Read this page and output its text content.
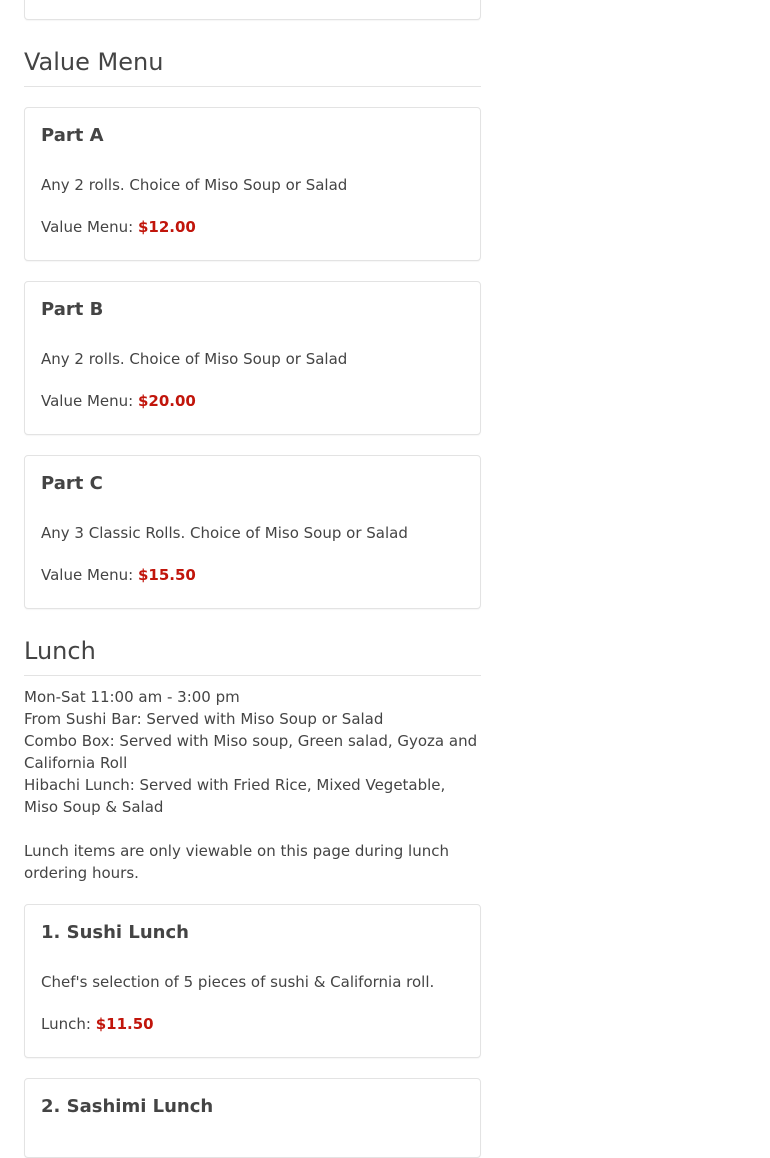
Value Menu

Part A

Any 2 rolls. Choice of Miso Soup or Salad

Value Menu: $12.00

Part B

Any 2 rolls. Choice of Miso Soup or Salad

Value Menu: $20.00

Part C

Any 3 Classic Rolls. Choice of Miso Soup or Salad

Value Menu: $15.50

Lunch

Mon-Sat 11:00 am - 3:00 pm

From Sushi Bar: Served with Miso Soup or Salad

Combo Box: Served with Miso soup, Green salad, Gyoza and California Roll

Hibachi Lunch: Served with Fried Rice, Mixed Vegetable, Miso Soup & Salad

Lunch items are only viewable on this page during lunch ordering hours.

1. Sushi Lunch

Chef's selection of 5 pieces of sushi & California roll.

Lunch: $11.50

2. Sashimi Lunch
